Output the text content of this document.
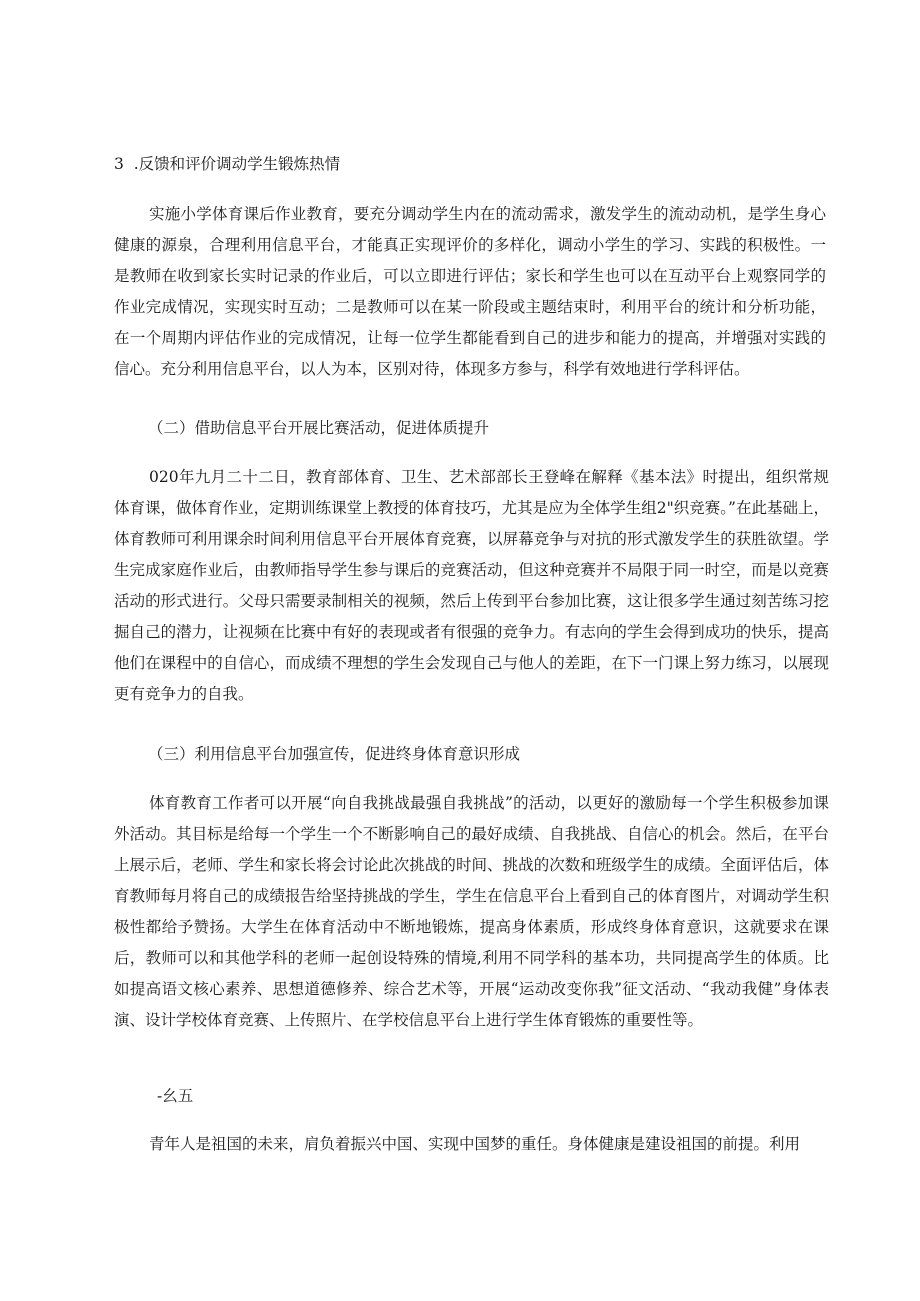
3  .反馈和评价调动学生锻炼热情

实施小学体育课后作业教育，要充分调动学生内在的流动需求，激发学生的流动动机，是学生身心健康的源泉，合理利用信息平台，才能真正实现评价的多样化，调动小学生的学习、实践的积极性。一是教师在收到家长实时记录的作业后，可以立即进行评估；家长和学生也可以在互动平台上观察同学的作业完成情况，实现实时互动；二是教师可以在某一阶段或主题结束时，利用平台的统计和分析功能，在一个周期内评估作业的完成情况，让每一位学生都能看到自己的进步和能力的提高，并增强对实践的信心。充分利用信息平台，以人为本，区别对待，体现多方参与，科学有效地进行学科评估。

（二）借助信息平台开展比赛活动，促进体质提升

020年九月二十二日，教育部体育、卫生、艺术部部长王登峰在解释《基本法》时提出，组织常规体育课，做体育作业，定期训练课堂上教授的体育技巧，尤其是应为全体学生组2"织竞赛。”在此基础上，体育教师可利用课余时间利用信息平台开展体育竞赛，以屏幕竞争与对抗的形式激发学生的获胜欲望。学生完成家庭作业后，由教师指导学生参与课后的竞赛活动，但这种竞赛并不局限于同一时空，而是以竞赛活动的形式进行。父母只需要录制相关的视频，然后上传到平台参加比赛，这让很多学生通过刻苦练习挖掘自己的潜力，让视频在比赛中有好的表现或者有很强的竞争力。有志向的学生会得到成功的快乐，提高他们在课程中的自信心，而成绩不理想的学生会发现自己与他人的差距，在下一门课上努力练习，以展现更有竞争力的自我。

（三）利用信息平台加强宣传，促进终身体育意识形成

体育教育工作者可以开展“向自我挑战最强自我挑战”的活动，以更好的激励每一个学生积极参加课外活动。其目标是给每一个学生一个不断影响自己的最好成绩、自我挑战、自信心的机会。然后，在平台上展示后，老师、学生和家长将会讨论此次挑战的时间、挑战的次数和班级学生的成绩。全面评估后，体育教师每月将自己的成绩报告给坚持挑战的学生，学生在信息平台上看到自己的体育图片，对调动学生积极性都给予赞扬。大学生在体育活动中不断地锻炼，提高身体素质，形成终身体育意识，这就要求在课后，教师可以和其他学科的老师一起创设特殊的情境,利用不同学科的基本功，共同提高学生的体质。比如提高语文核心素养、思想道德修养、综合艺术等，开展“运动改变你我”征文活动、“我动我健”身体表演、设计学校体育竞赛、上传照片、在学校信息平台上进行学生体育锻炼的重要性等。

-幺五

青年人是祖国的未来，肩负着振兴中国、实现中国梦的重任。身体健康是建设祖国的前提。利用
